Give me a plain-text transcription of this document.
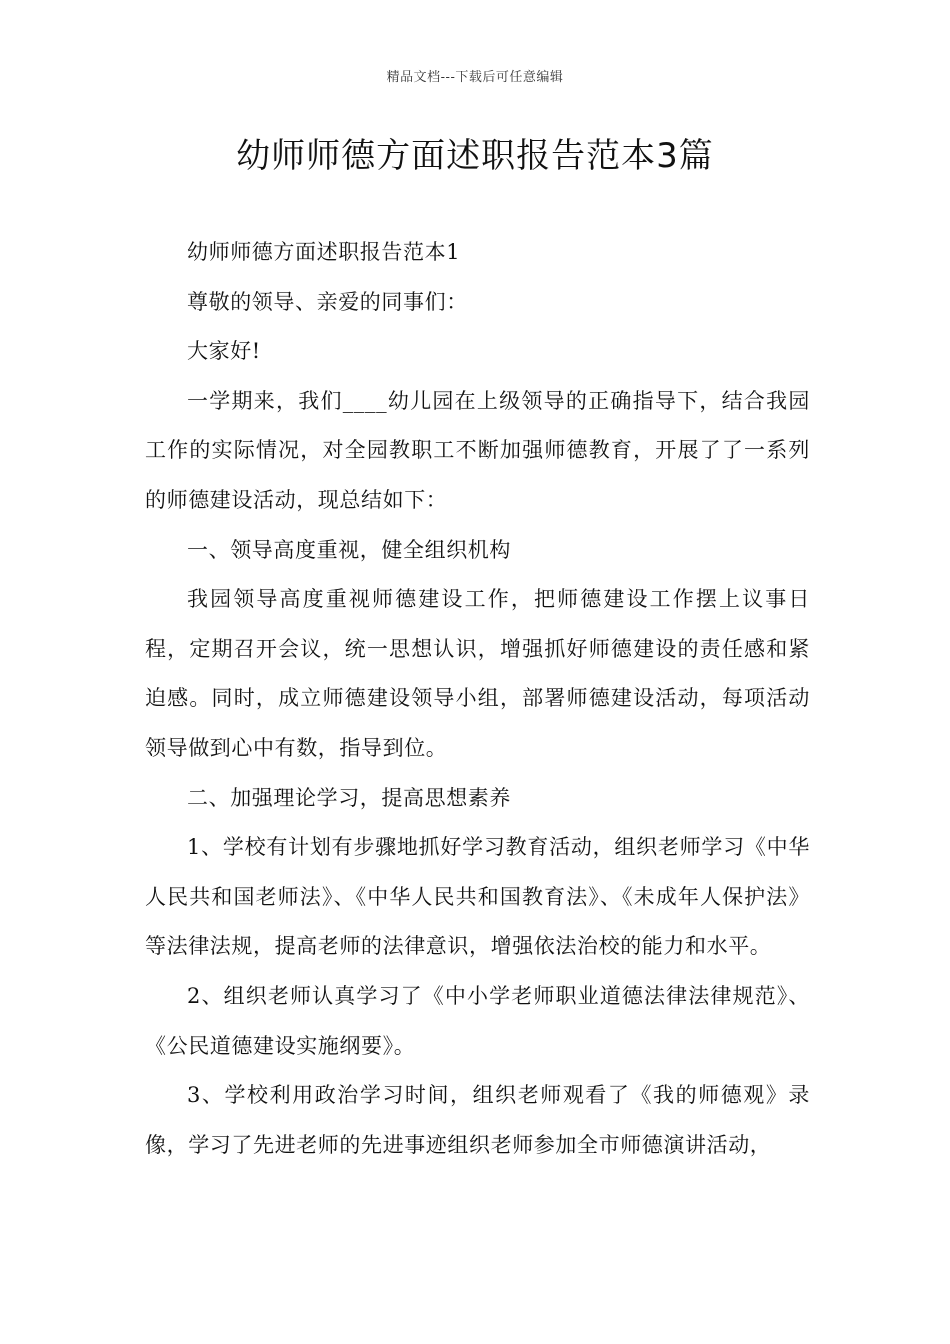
精品文档---下载后可任意编辑
幼师师德方面述职报告范本3篇

幼师师德方面述职报告范本1

尊敬的领导、亲爱的同事们：

大家好!

一学期来，我们____幼儿园在上级领导的正确指导下，结合我园工作的实际情况，对全园教职工不断加强师德教育，开展了了一系列的师德建设活动，现总结如下：

一、领导高度重视，健全组织机构

我园领导高度重视师德建设工作，把师德建设工作摆上议事日程，定期召开会议，统一思想认识，增强抓好师德建设的责任感和紧迫感。同时，成立师德建设领导小组，部署师德建设活动，每项活动领导做到心中有数，指导到位。

二、加强理论学习，提高思想素养

1、学校有计划有步骤地抓好学习教育活动，组织老师学习《中华人民共和国老师法》、《中华人民共和国教育法》、《未成年人保护法》等法律法规，提高老师的法律意识，增强依法治校的能力和水平。

2、组织老师认真学习了《中小学老师职业道德法律法律规范》、《公民道德建设实施纲要》。

3、学校利用政治学习时间，组织老师观看了《我的师德观》录像，学习了先进老师的先进事迹组织老师参加全市师德演讲活动，
